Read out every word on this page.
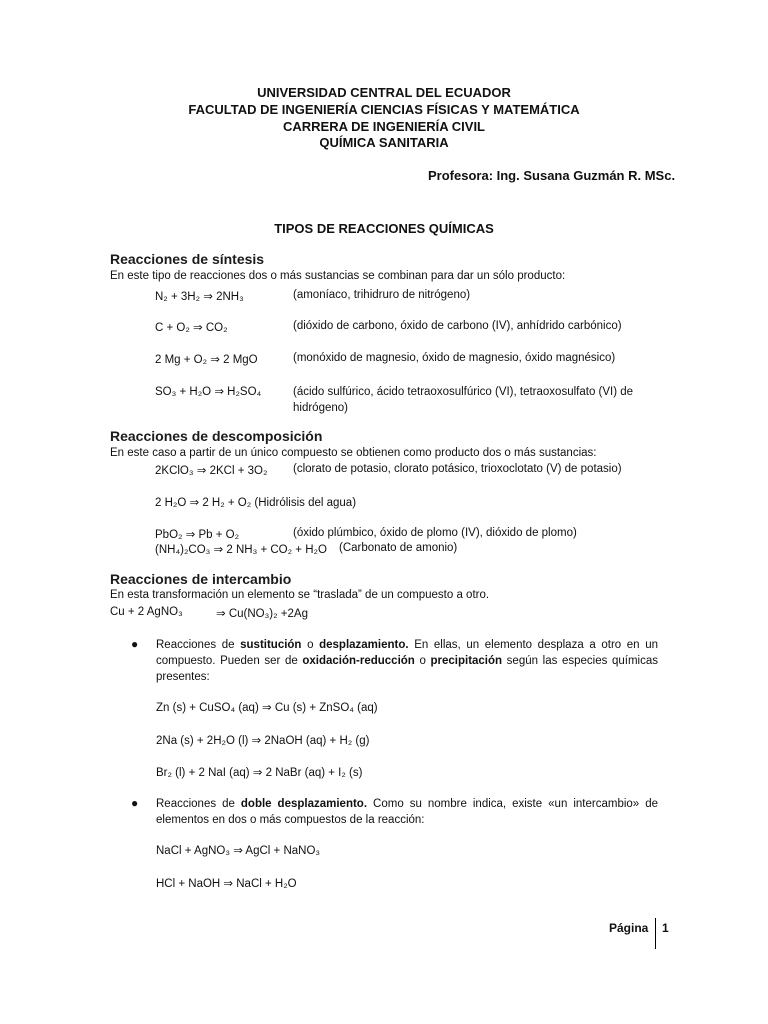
UNIVERSIDAD CENTRAL DEL ECUADOR
FACULTAD DE INGENIERÍA CIENCIAS FÍSICAS Y MATEMÁTICA
CARRERA DE INGENIERÍA CIVIL
QUÍMICA SANITARIA
Profesora: Ing. Susana Guzmán R. MSc.
TIPOS DE REACCIONES QUÍMICAS
Reacciones de síntesis
En este tipo de reacciones dos o más sustancias se combinan para dar un sólo producto:
N₂ + 3H₂ ⇒ 2NH₃	(amoníaco, trihidruro de nitrógeno)
C + O₂ ⇒ CO₂	(dióxido de carbono, óxido de carbono (IV), anhídrido carbónico)
2 Mg + O₂ ⇒ 2 MgO	(monóxido de magnesio, óxido de magnesio, óxido magnésico)
SO₃ + H₂O ⇒ H₂SO₄	(ácido sulfúrico, ácido tetraoxosulfúrico (VI), tetraoxosulfato (VI) de hidrógeno)
Reacciones de descomposición
En este caso a partir de un único compuesto se obtienen como producto dos o más sustancias:
2KClO₃ ⇒ 2KCl + 3O₂ (clorato de potasio, clorato potásico, trioxoclotato (V) de potasio)
2 H₂O ⇒ 2 H₂ + O₂ (Hidrólisis del agua)
PbO₂ ⇒ Pb + O₂	(óxido plúmbico, óxido de plomo (IV), dióxido de plomo)
(NH₄)₂CO₃ ⇒ 2 NH₃ + CO₂ + H₂O (Carbonato de amonio)
Reacciones de intercambio
En esta transformación un elemento se “traslada” de un compuesto a otro.
Cu + 2 AgNO₃	⇒ Cu(NO₃)₂ +2Ag
● Reacciones de sustitución o desplazamiento. En ellas, un elemento desplaza a otro en un compuesto. Pueden ser de oxidación-reducción o precipitación según las especies químicas presentes:
Zn (s) + CuSO₄ (aq) ⇒ Cu (s) + ZnSO₄ (aq)
2Na (s) + 2H₂O (l) ⇒ 2NaOH (aq) + H₂ (g)
Br₂ (l) + 2 NaI (aq) ⇒ 2 NaBr (aq) + I₂ (s)
● Reacciones de doble desplazamiento. Como su nombre indica, existe «un intercambio» de elementos en dos o más compuestos de la reacción:
NaCl + AgNO₃ ⇒ AgCl + NaNO₃
HCl + NaOH ⇒ NaCl + H₂O
Página 1
